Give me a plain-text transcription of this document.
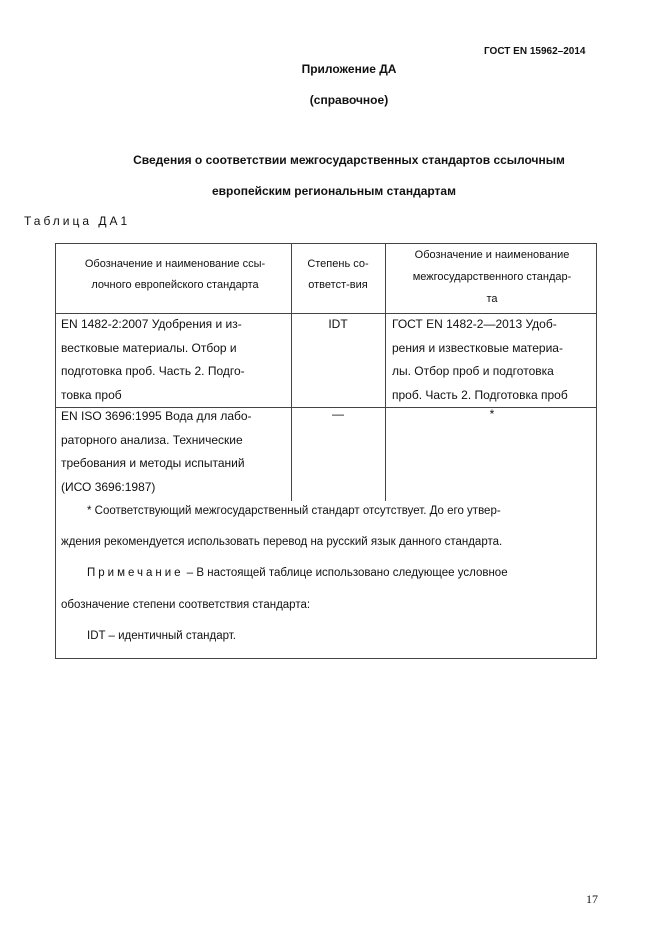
ГОСТ EN 15962–2014
Приложение ДА
(справочное)
Сведения о соответствии межгосударственных стандартов ссылочным
европейским региональным стандартам
Таблица ДА1
Обозначение и наименование ссы-
лочного европейского стандарта
Степень со-
ответст-вия
Обозначение и наименование
межгосударственного стандар-
та
EN 1482-2:2007 Удобрения и из-
вестковые материалы. Отбор и
подготовка проб. Часть 2. Подго-
товка проб
IDT	ГОСТ EN 1482-2—2013 Удоб-
рения и известковые материа-
лы. Отбор проб и подготовка
проб. Часть 2. Подготовка проб
EN ISO 3696:1995 Вода для лабо-
раторного анализа. Технические
требования и методы испытаний
(ИСО 3696:1987)
—	*
* Соответствующий межгосударственный стандарт отсутствует. До его утвер-
ждения рекомендуется использовать перевод на русский язык данного стандарта.
Примечание – В настоящей таблице использовано следующее условное
обозначение степени соответствия стандарта:
IDT – идентичный стандарт.
17
